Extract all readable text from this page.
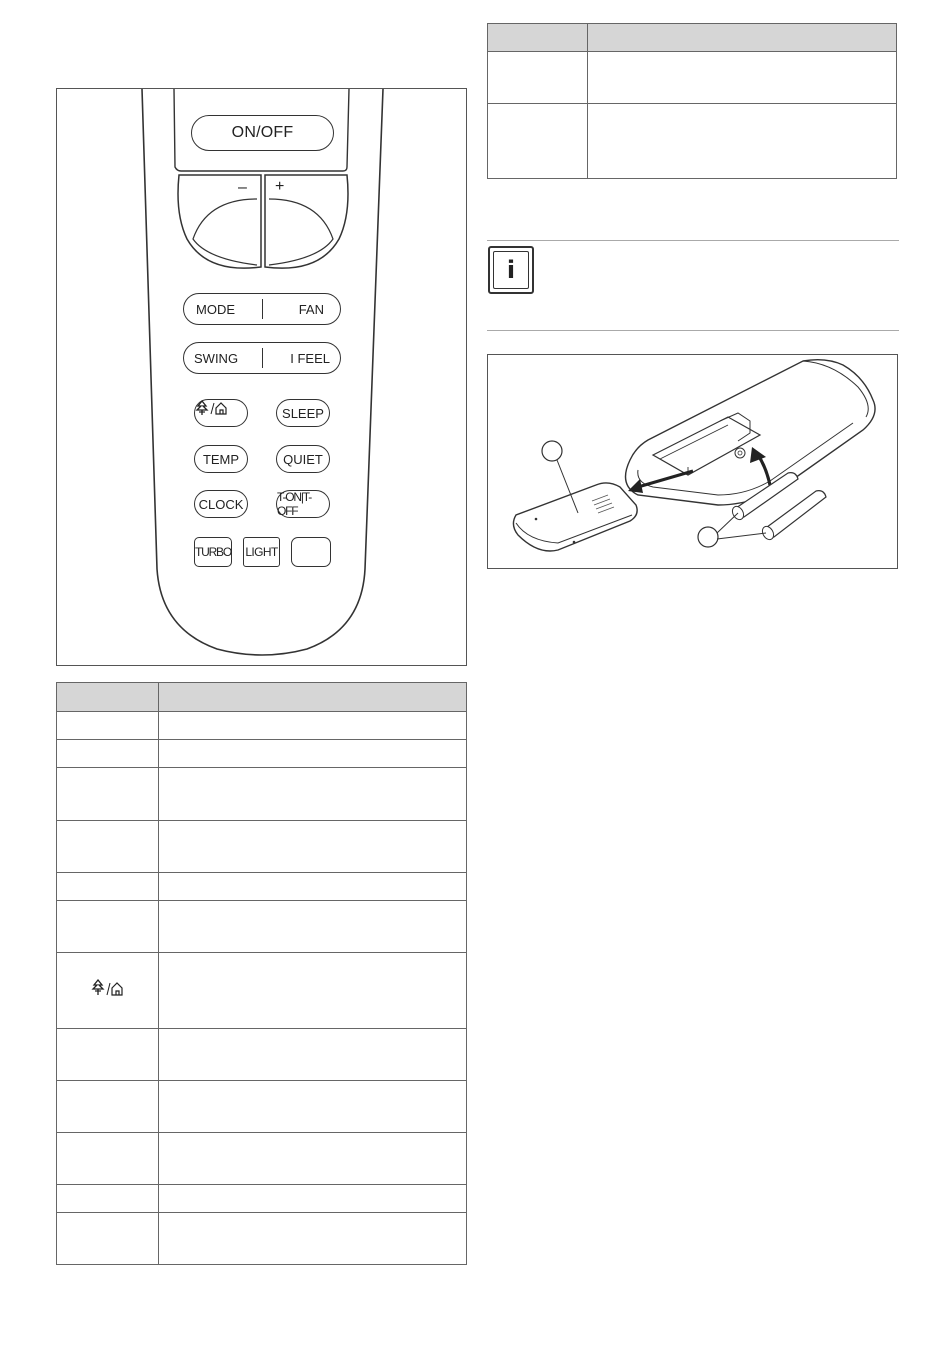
ON/OFF
– +
MODE	FAN
SWING	I FEEL
SLEEP
TEMP	QUIET
CLOCK	T-ON|T-OFF
TURBO LIGHT

i
